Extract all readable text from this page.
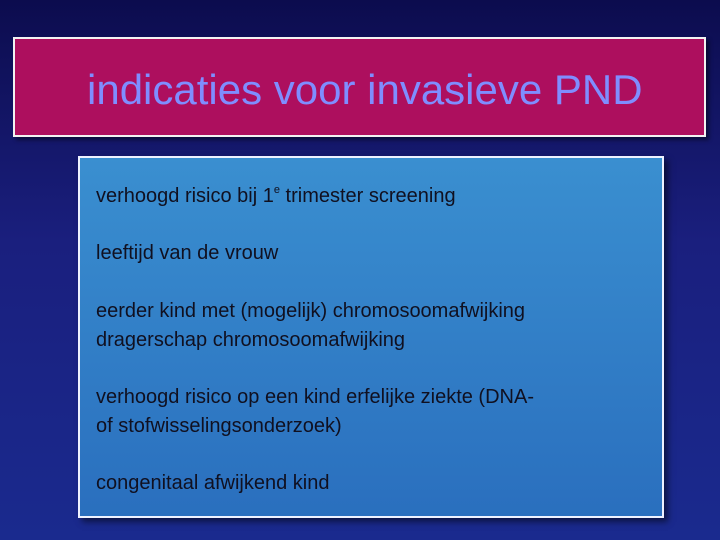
indicaties voor invasieve PND

verhoogd risico bij 1e trimester screening

leeftijd van de vrouw

eerder kind met (mogelijk) chromosoomafwijking
dragerschap chromosoomafwijking

verhoogd risico op een kind erfelijke ziekte (DNA-
of stofwisselingsonderzoek)

congenitaal afwijkend kind
